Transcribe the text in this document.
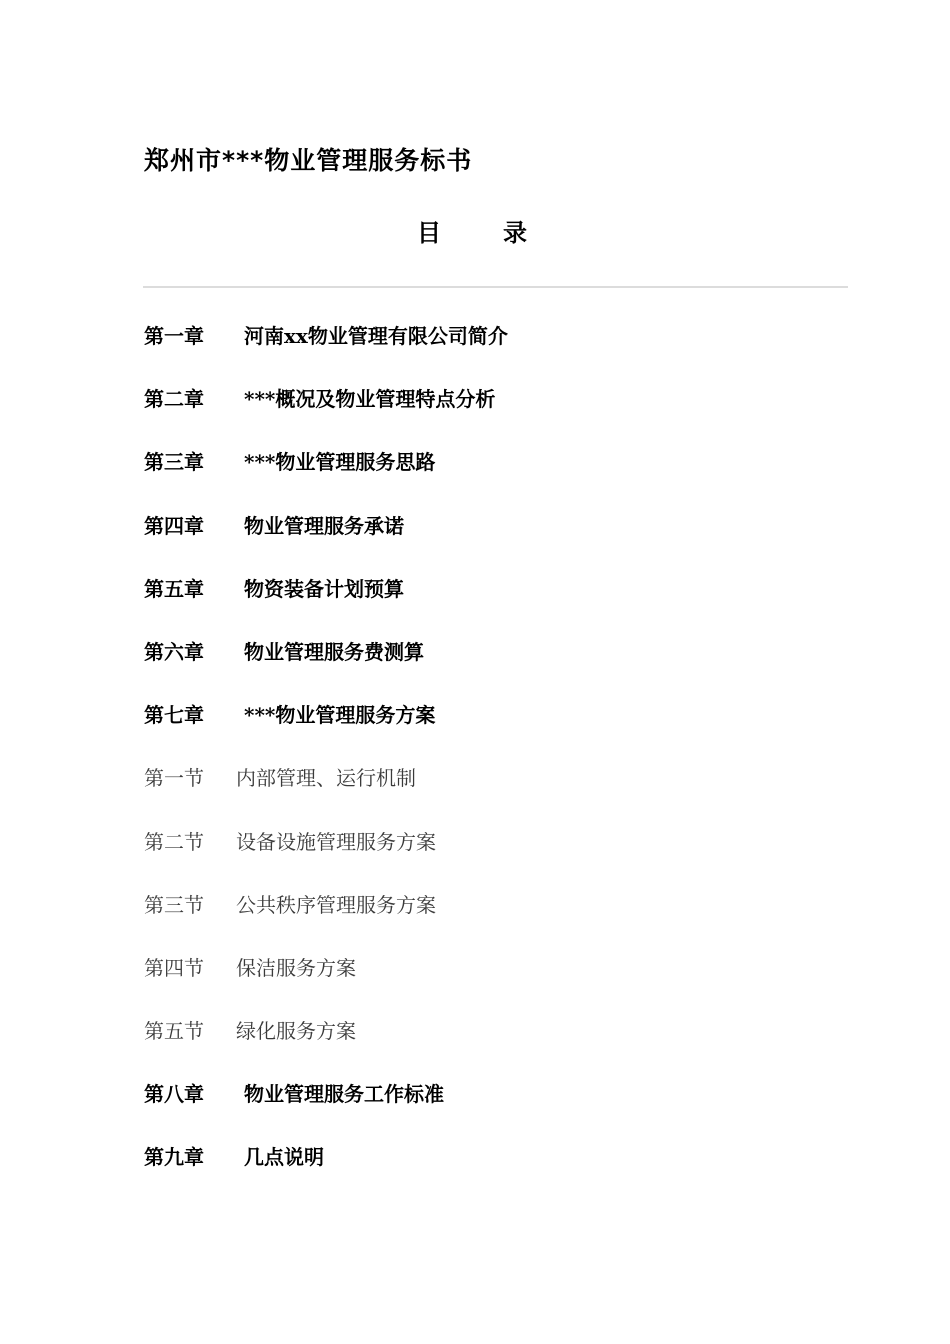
郑州市***物业管理服务标书
目	录
第一章 河南xx物业管理有限公司简介
第二章 ***概况及物业管理特点分析
第三章 ***物业管理服务思路
第四章 物业管理服务承诺
第五章 物资装备计划预算
第六章 物业管理服务费测算
第七章 ***物业管理服务方案
第一节 内部管理、运行机制
第二节 设备设施管理服务方案
第三节 公共秩序管理服务方案
第四节 保洁服务方案
第五节 绿化服务方案
第八章 物业管理服务工作标准
第九章 几点说明
